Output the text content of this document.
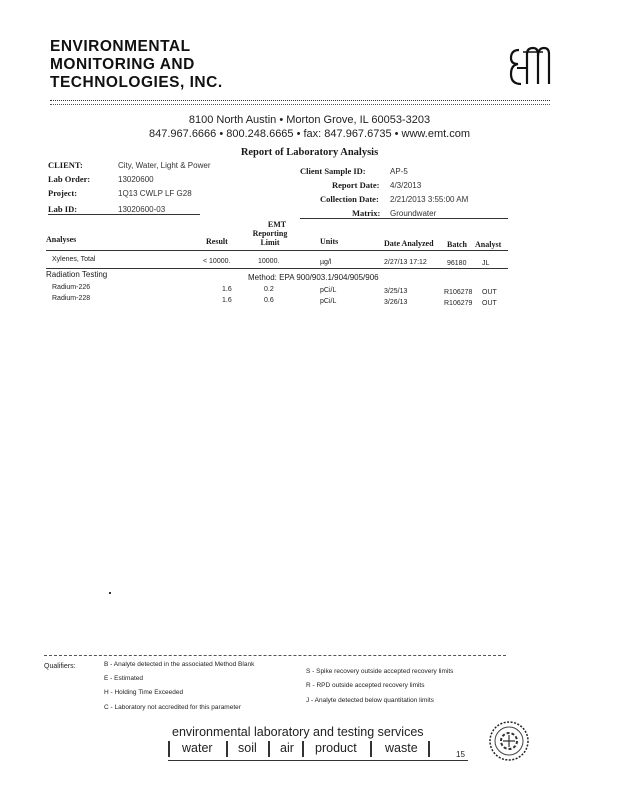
ENVIRONMENTAL
MONITORING AND
TECHNOLOGIES, INC.
8100 North Austin • Morton Grove, IL 60053-3203
847.967.6666 • 800.248.6665 • fax: 847.967.6735 • www.emt.com
Report of Laboratory Analysis
CLIENT:	City, Water, Light & Power
Lab Order:	13020600
Project:	1Q13 CWLP LF G28
Lab ID:	13020600-03
Client Sample ID:	AP-5
Report Date: 4/3/2013
Collection Date: 2/21/2013 3:55:00 AM
Matrix: Groundwater
Analyses	Result
EMT
Reporting
Limit	Units	Date Analyzed Batch Analyst
Xylenes, Total	< 10000.	10000.	µg/l	2/27/13 17:12	96180 JL
Radiation Testing	Method: EPA 900/903.1/904/905/906
Radium-226	1.6	0.2	pCi/L	3/25/13	R106278 OUT
Radium-228	1.6	0.6	pCi/L	3/26/13	R106279 OUT
Qualifiers:	B - Analyte detected in the associated Method Blank
E - Estimated
H - Holding Time Exceeded
C - Laboratory not accredited for this parameter
S - Spike recovery outside accepted recovery limits
R - RPD outside accepted recovery limits
J - Analyte detected below quantitation limits
environmental laboratory and testing services
water soil air product waste	15
